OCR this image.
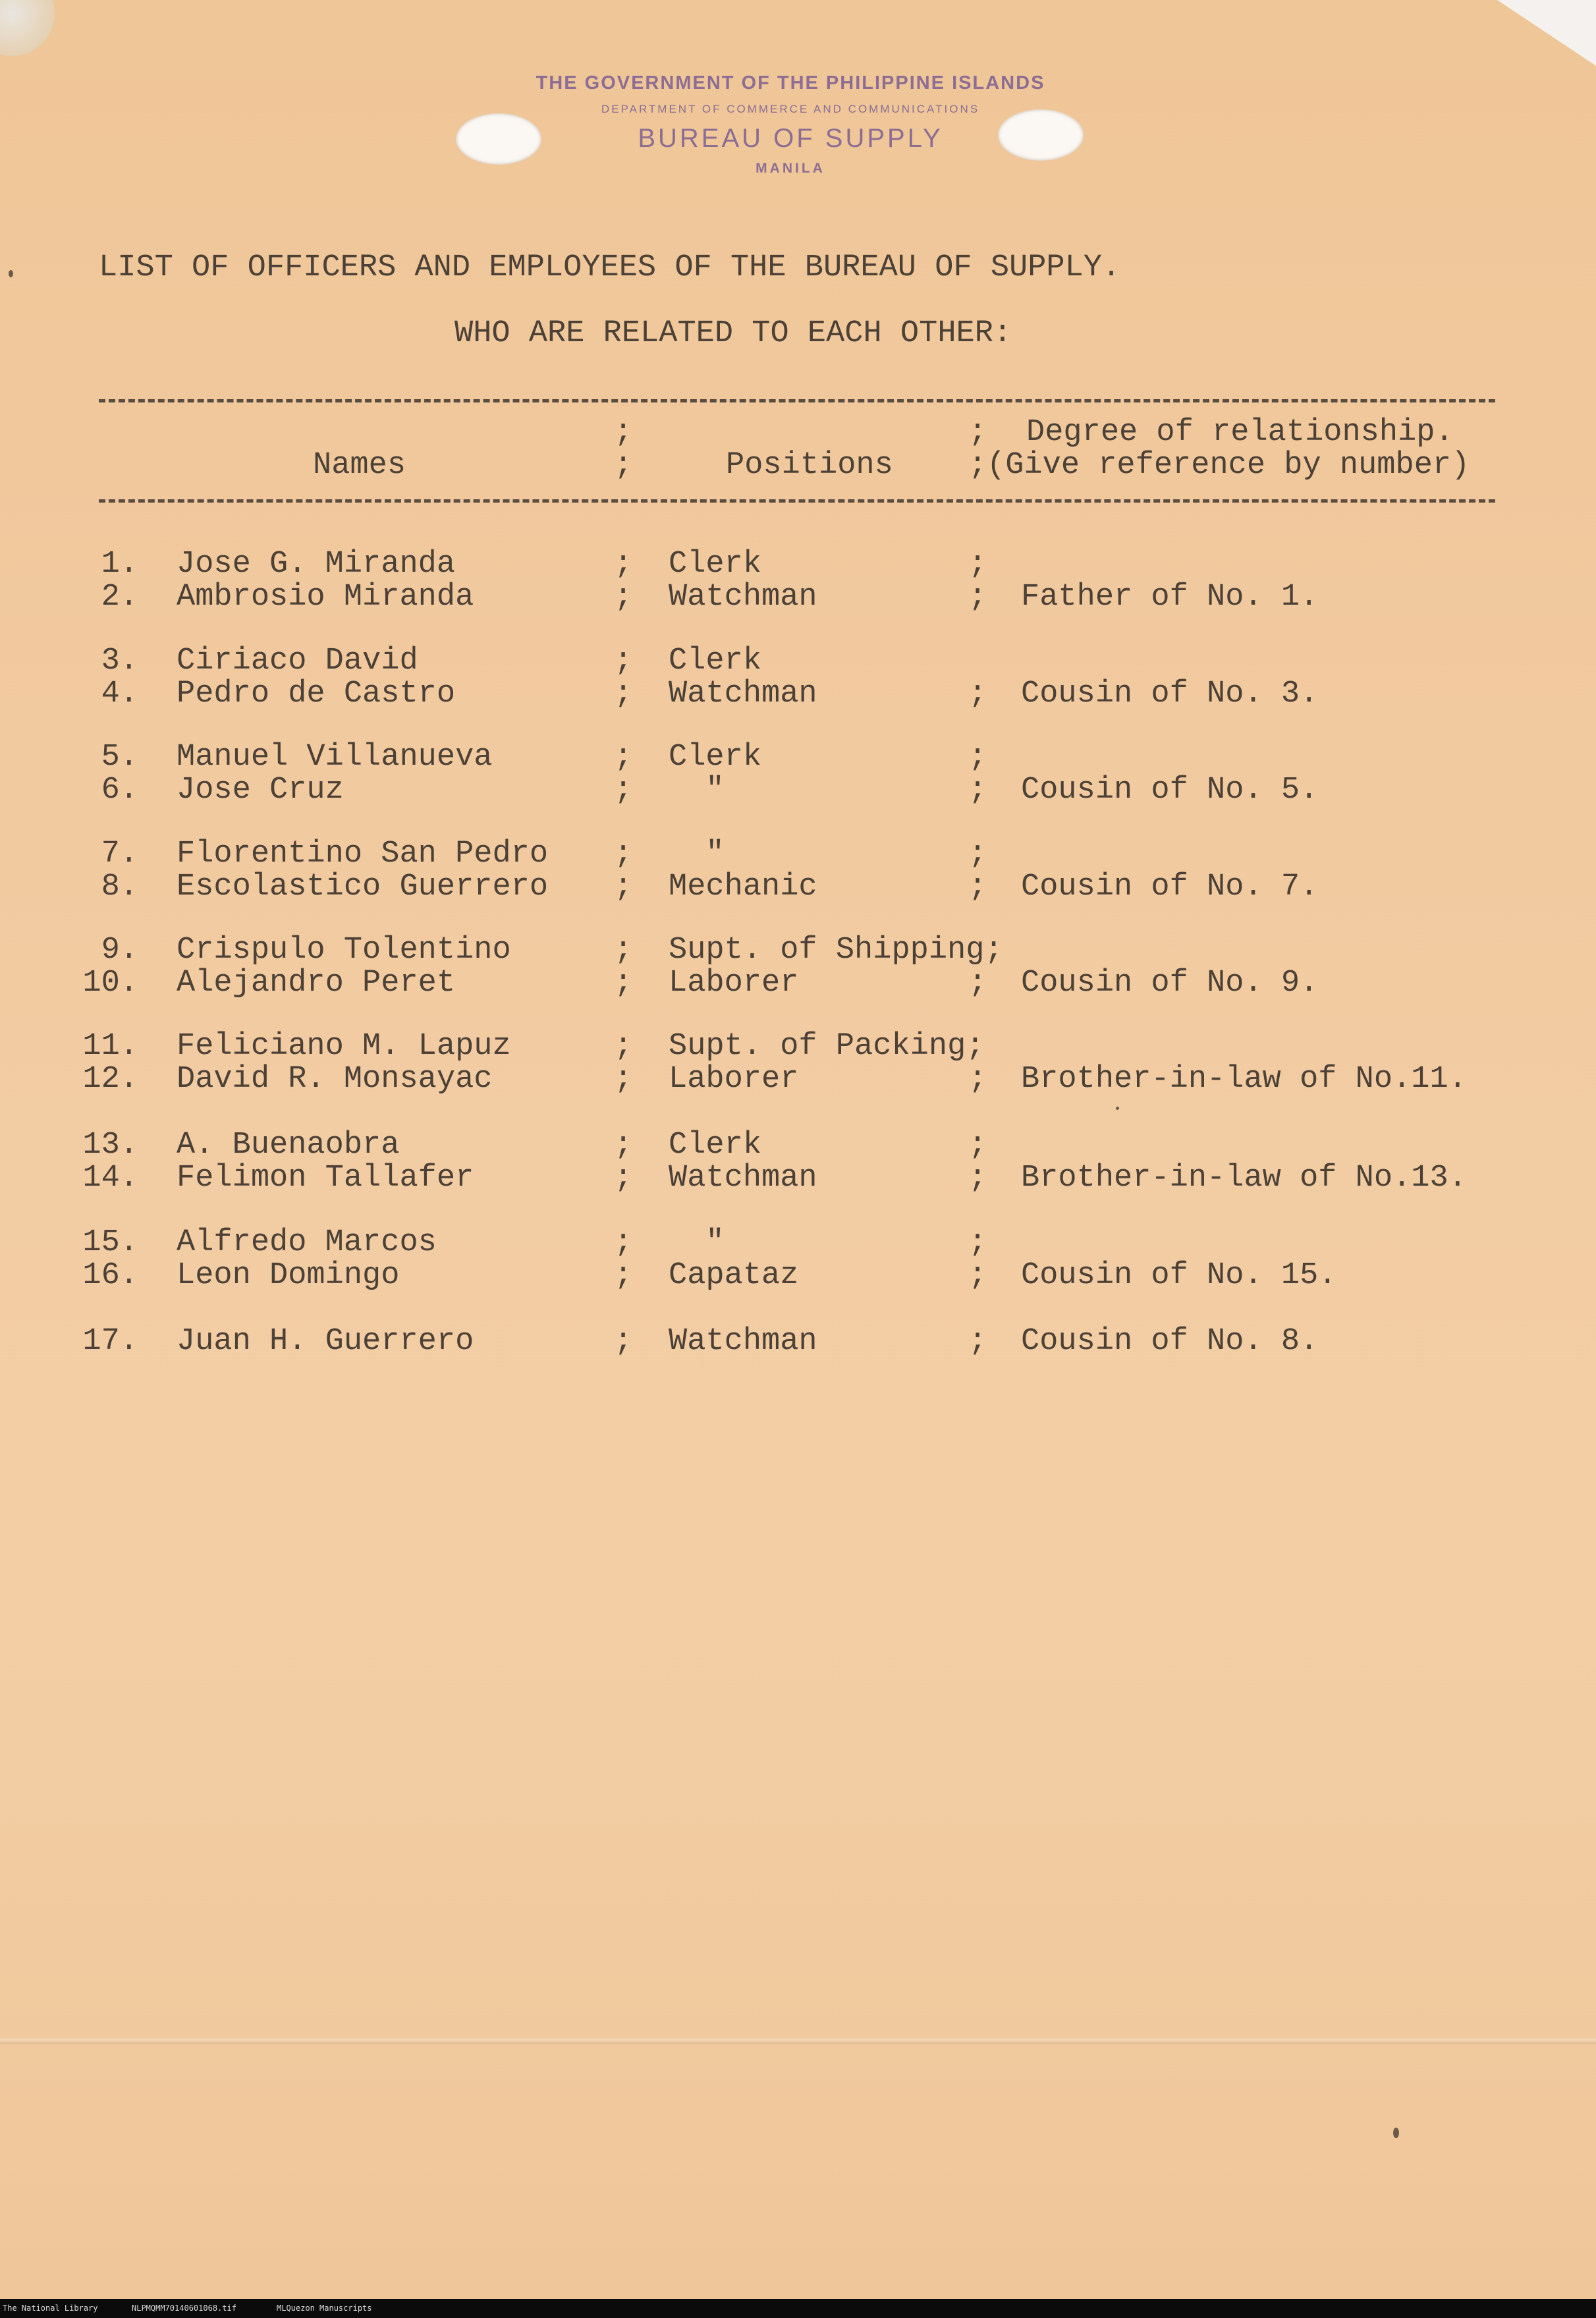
THE GOVERNMENT OF THE PHILIPPINE ISLANDS
DEPARTMENT OF COMMERCE AND COMMUNICATIONS
BUREAU OF SUPPLY
MANILA
LIST OF OFFICERS AND EMPLOYEES OF THE BUREAU OF SUPPLY.
WHO ARE RELATED TO EACH OTHER:
;	; Degree of relationship.
Names	;	Positions ; (Give reference by number)
1. Jose G. Miranda	; Clerk	;
2. Ambrosio Miranda	; Watchman	; Father of No. 1.
3. Ciriaco David	; Clerk
4. Pedro de Castro	; Watchman	; Cousin of No. 3.
5. Manuel Villanueva	; Clerk	;
6. Jose Cruz	; "	; Cousin of No. 5.
7. Florentino San Pedro ; "	;
8. Escolastico Guerrero ; Mechanic	; Cousin of No. 7.
9. Crispulo Tolentino	; Supt. of Shipping;
10. Alejandro Peret	; Laborer	; Cousin of No. 9.
11. Feliciano M. Lapuz	; Supt. of Packing;
12. David R. Monsayac	; Laborer	; Brother-in-law of No.11.
13. A. Buenaobra	; Clerk	;
14. Felimon Tallafer	; Watchman	; Brother-in-law of No.13.
15. Alfredo Marcos	; "	;
16. Leon Domingo	; Capataz	; Cousin of No. 15.
17. Juan H. Guerrero	; Watchman	; Cousin of No. 8.
The National Library	NLPMQMM70140601068.tif	MLQuezon Manuscripts
